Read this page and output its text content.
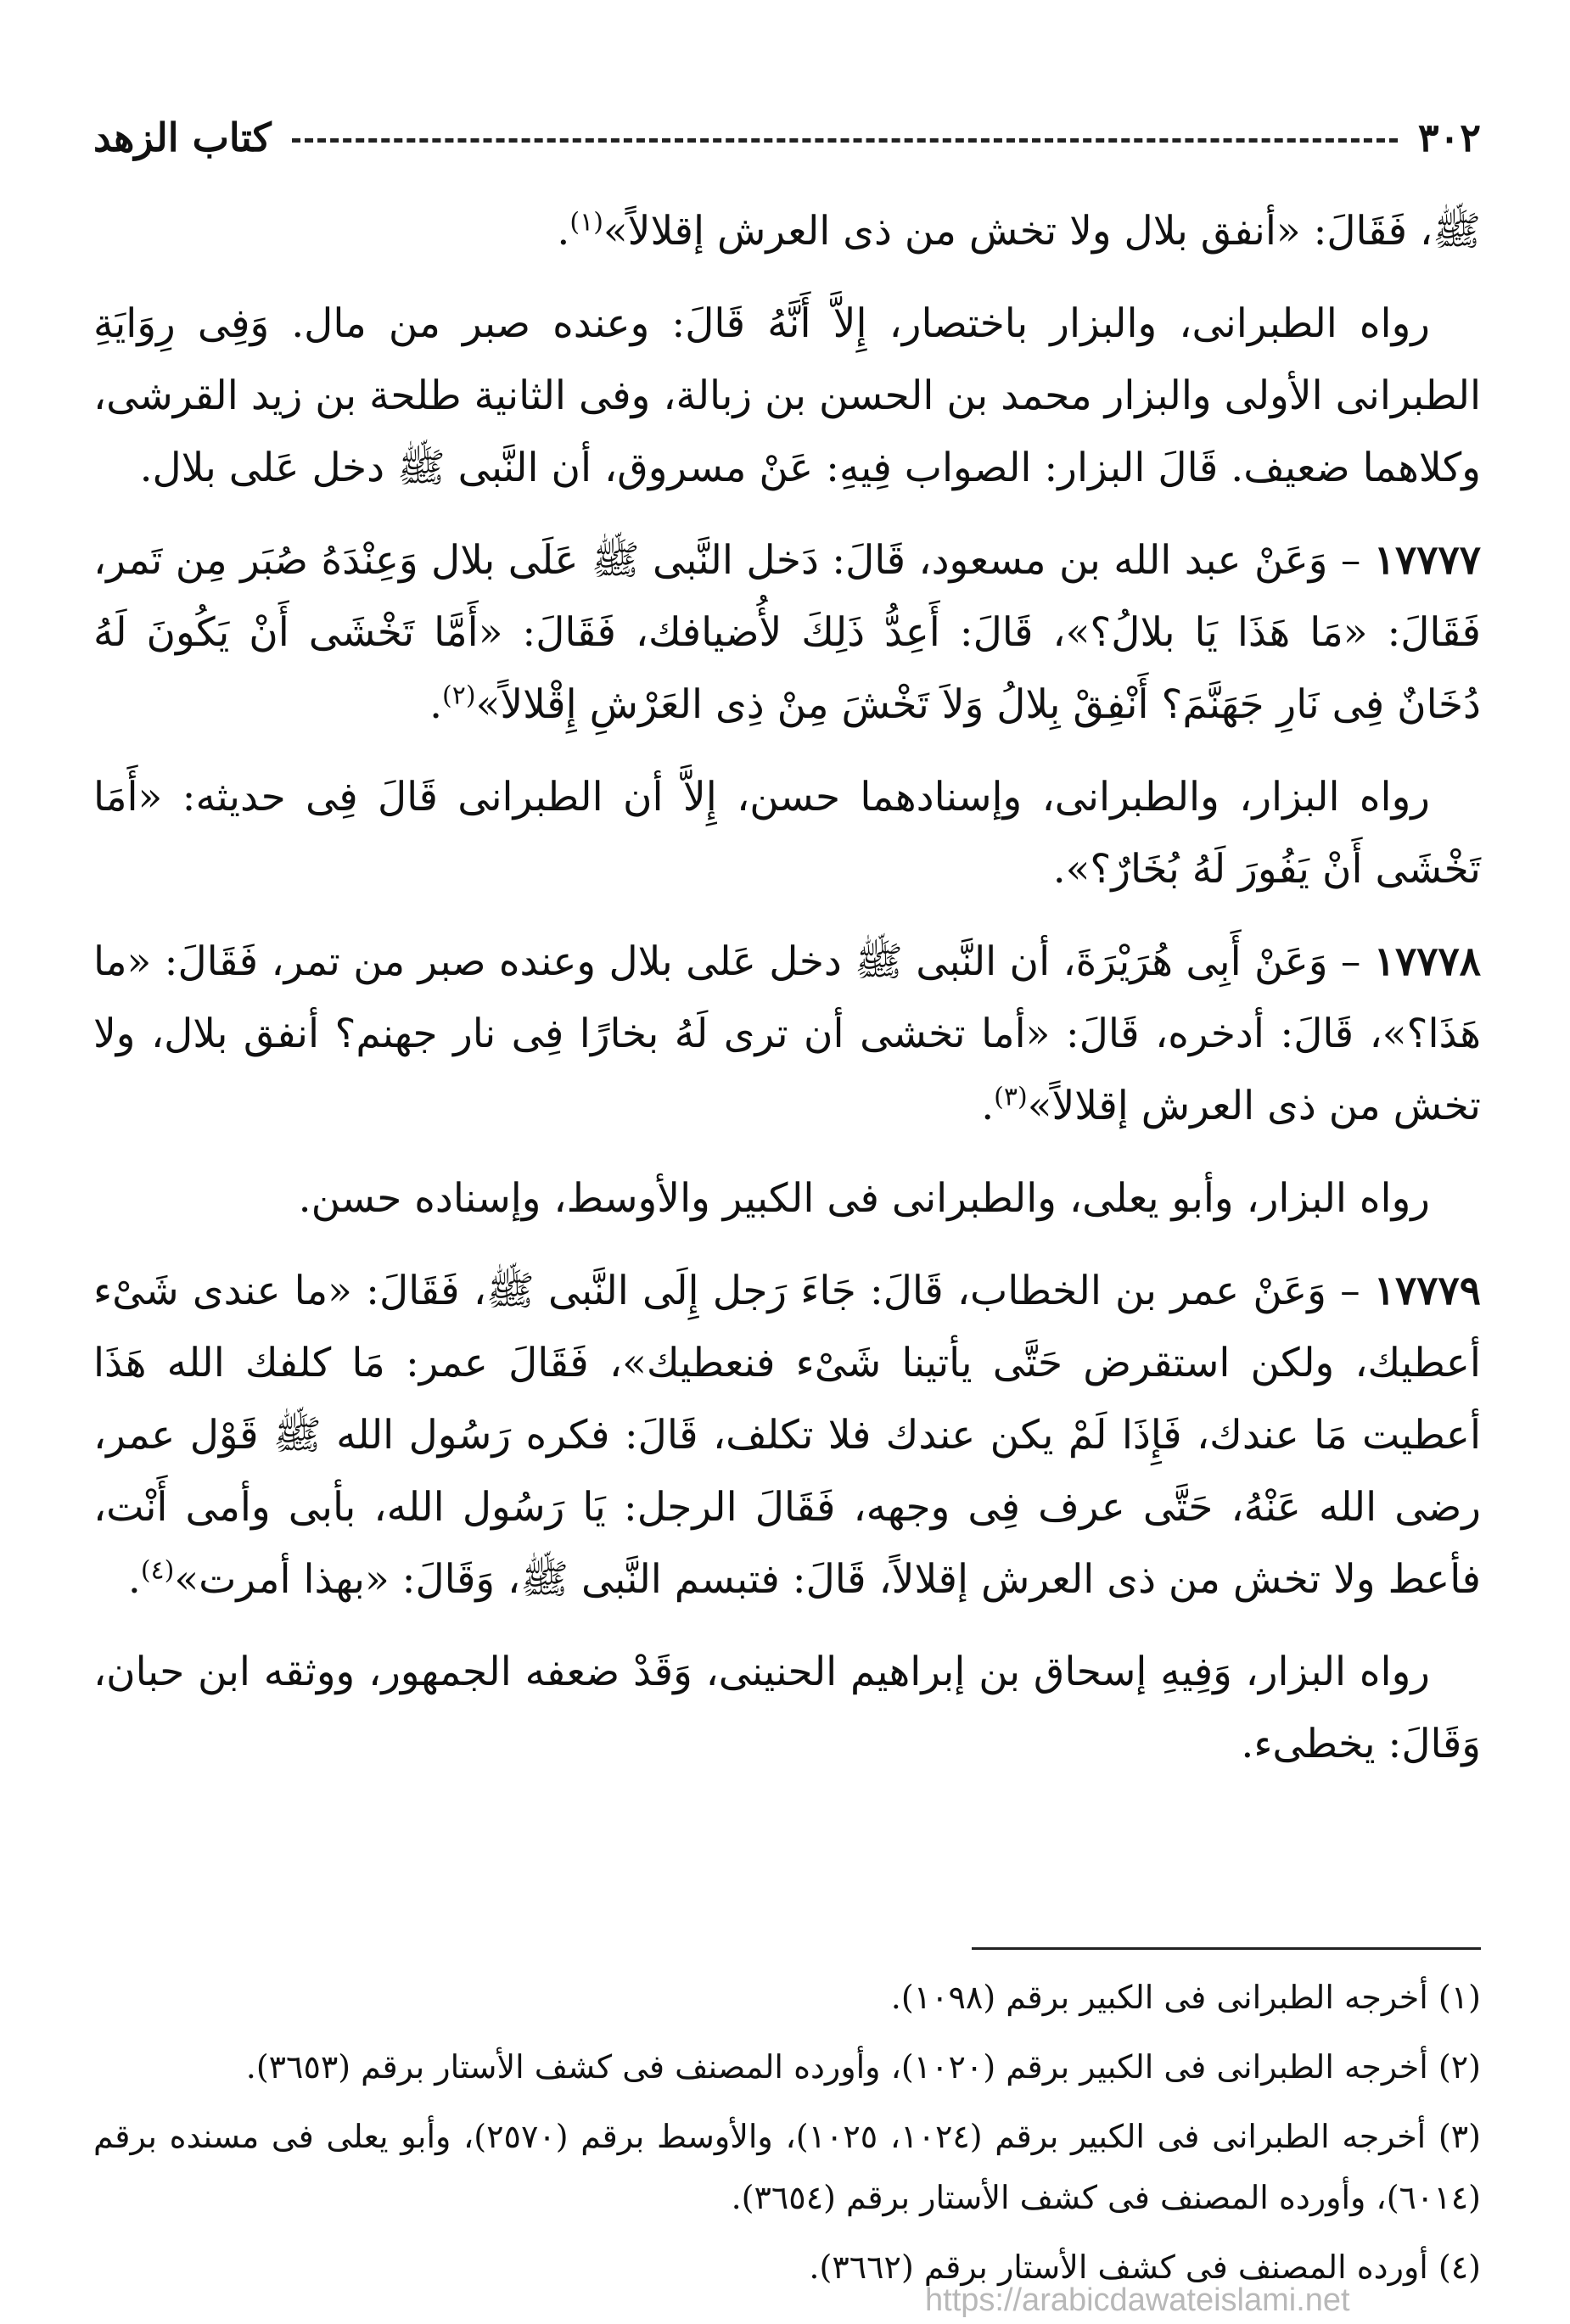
٣٠٢
كتاب الزهد

ﷺ، فَقَالَ: «أنفق بلال ولا تخش من ذى العرش إقلالاً»$^{(١)}$.

رواه الطبرانى، والبزار باختصار، إِلاَّ أَنَّهُ قَالَ: وعنده صبر من مال. وَفِى رِوَايَةِ الطبرانى الأولى والبزار محمد بن الحسن بن زبالة، وفى الثانية طلحة بن زيد القرشى، وكلاهما ضعيف. قَالَ البزار: الصواب فِيهِ: عَنْ مسروق، أن النَّبى ﷺ دخل عَلى بلال.

١٧٧٧٧ – وَعَنْ عبد الله بن مسعود، قَالَ: دَخل النَّبى ﷺ عَلَى بلال وَعِنْدَهُ صُبَر مِن تَمر، فَقَالَ: «مَا هَذَا يَا بلالُ؟»، قَالَ: أَعِدُّ ذَلِكَ لأُضيافك، فَقَالَ: «أَمَّا تَخْشَى أَنْ يَكُونَ لَهُ دُخَانٌ فِى نَارِ جَهَنَّمَ؟ أَنْفِقْ بِلالُ وَلاَ تَخْشَ مِنْ ذِى العَرْشِ إِقْلالاً»$^{(٢)}$.

رواه البزار، والطبرانى، وإسنادهما حسن، إِلاَّ أن الطبرانى قَالَ فِى حديثه: «أَمَا تَخْشَى أَنْ يَفُورَ لَهُ بُخَارٌ؟».

١٧٧٧٨ – وَعَنْ أَبِى هُرَيْرَةَ، أن النَّبى ﷺ دخل عَلى بلال وعنده صبر من تمر، فَقَالَ: «ما هَذَا؟»، قَالَ: أدخره، قَالَ: «أما تخشى أن ترى لَهُ بخارًا فِى نار جهنم؟ أنفق بلال، ولا تخش من ذى العرش إقلالاً»$^{(٣)}$.

رواه البزار، وأبو يعلى، والطبرانى فى الكبير والأوسط، وإسناده حسن.

١٧٧٧٩ – وَعَنْ عمر بن الخطاب، قَالَ: جَاءَ رَجل إِلَى النَّبى ﷺ، فَقَالَ: «ما عندى شَىْء أعطيك، ولكن استقرض حَتَّى يأتينا شَىْء فنعطيك»، فَقَالَ عمر: مَا كلفك الله هَذَا أعطيت مَا عندك، فَإِذَا لَمْ يكن عندك فلا تكلف، قَالَ: فكره رَسُول الله ﷺ قَوْل عمر، رضى الله عَنْهُ، حَتَّى عرف فِى وجهه، فَقَالَ الرجل: يَا رَسُول الله، بأبى وأمى أَنْت، فأعط ولا تخش من ذى العرش إقلالاً، قَالَ: فتبسم النَّبى ﷺ، وَقَالَ: «بهذا أمرت»$^{(٤)}$.

رواه البزار، وَفِيهِ إسحاق بن إبراهيم الحنينى، وَقَدْ ضعفه الجمهور، ووثقه ابن حبان، وَقَالَ: يخطىء.

(١) أخرجه الطبرانى فى الكبير برقم (١٠٩٨).
(٢) أخرجه الطبرانى فى الكبير برقم (١٠٢٠)، وأورده المصنف فى كشف الأستار برقم (٣٦٥٣).
(٣) أخرجه الطبرانى فى الكبير برقم (١٠٢٤، ١٠٢٥)، والأوسط برقم (٢٥٧٠)، وأبو يعلى فى مسنده برقم (٦٠١٤)، وأورده المصنف فى كشف الأستار برقم (٣٦٥٤).
(٤) أورده المصنف فى كشف الأستار برقم (٣٦٦٢).
https://arabicdawateislami.net
